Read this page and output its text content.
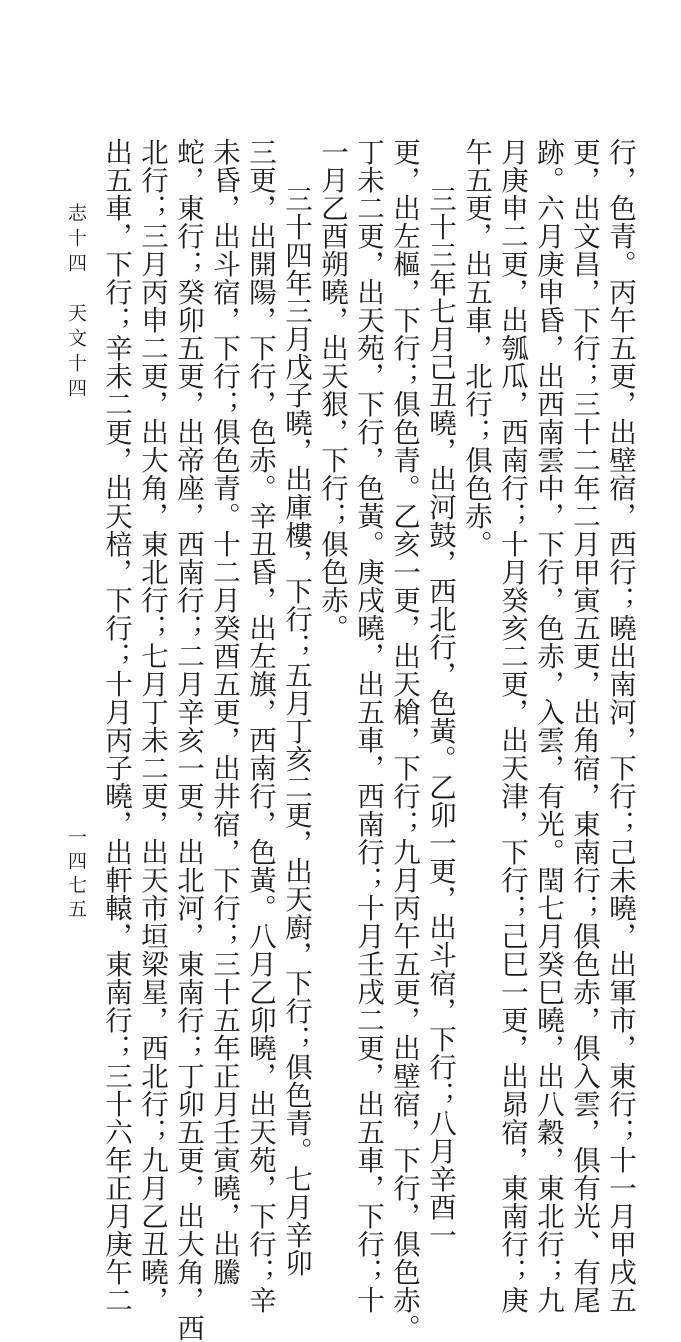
行，色青。丙午五更，出壁宿，西行；曉出南河，下行；己未曉，出軍市，東行；十一月甲戌五
更，出文昌，下行；三十二年二月甲寅五更，出角宿，東南行；俱色赤，俱入雲，俱有光、有尾
跡。六月庚申昏，出西南雲中，下行，色赤，入雲，有光。閏七月癸巳曉，出八穀，東北行；九
月庚申二更，出瓠瓜，西南行；十月癸亥二更，出天津，下行；己巳一更，出昴宿，東南行；庚
午五更，出五車，北行；俱色赤。
三十三年七月己丑曉，出河鼓，西北行，色黃。乙卯一更，出斗宿，下行；八月辛酉一
更，出左樞，下行；俱色青。乙亥一更，出天槍，下行；九月丙午五更，出壁宿，下行，俱色赤。
丁未二更，出天苑，下行，色黃。庚戌曉，出五車，西南行；十月壬戌二更，出五車，下行；十
一月乙酉朔曉，出天狠，下行；俱色赤。
三十四年三月戊子曉，出庫樓，下行；五月丁亥二更，出天廚，下行；俱色青。七月辛卯
三更，出開陽，下行，色赤。辛丑昏，出左旗，西南行，色黃。八月乙卯曉，出天苑，下行；辛
未昏，出斗宿，下行；俱色青。十二月癸酉五更，出井宿，下行；三十五年正月壬寅曉，出騰
蛇，東行；癸卯五更，出帝座，西南行；二月辛亥一更，出北河，東南行；丁卯五更，出大角，西
北行；三月丙申二更，出大角，東北行；七月丁未二更，出天市垣梁星，西北行；九月乙丑曉，
出五車，下行；辛未二更，出天棓，下行；十月丙子曉，出軒轅，東南行；三十六年正月庚午二
志十四　天文十四
一四七五
